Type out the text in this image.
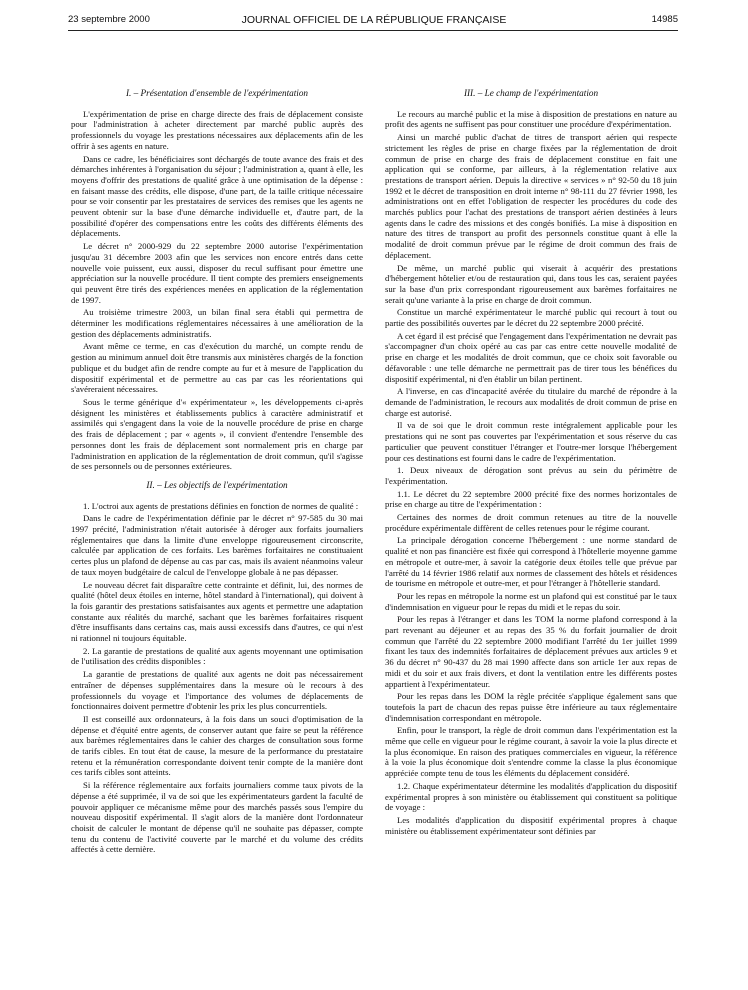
23 septembre 2000	JOURNAL OFFICIEL DE LA RÉPUBLIQUE FRANÇAISE	14985
I. – Présentation d'ensemble de l'expérimentation

L'expérimentation de prise en charge directe des frais de déplacement consiste pour l'administration à acheter directement par marché public auprès des professionnels du voyage les prestations nécessaires aux déplacements afin de les offrir à ses agents en nature.

Dans ce cadre, les bénéficiaires sont déchargés de toute avance des frais et des démarches inhérentes à l'organisation du séjour ; l'administration a, quant à elle, les moyens d'offrir des prestations de qualité grâce à une optimisation de la dépense : en faisant masse des crédits, elle dispose, d'une part, de la taille critique nécessaire pour se voir consentir par les prestataires de services des remises que les agents ne peuvent obtenir sur la base d'une démarche individuelle et, d'autre part, de la possibilité d'opérer des compensations entre les coûts des différents éléments des déplacements.

Le décret n° 2000-929 du 22 septembre 2000 autorise l'expérimentation jusqu'au 31 décembre 2003 afin que les services non encore entrés dans cette nouvelle voie puissent, eux aussi, disposer du recul suffisant pour émettre une appréciation sur la nouvelle procédure. Il tient compte des premiers enseignements qui peuvent être tirés des expériences menées en application de la réglementation de 1997.

Au troisième trimestre 2003, un bilan final sera établi qui permettra de déterminer les modifications réglementaires nécessaires à une amélioration de la gestion des déplacements administratifs.

Avant même ce terme, en cas d'exécution du marché, un compte rendu de gestion au minimum annuel doit être transmis aux ministères chargés de la fonction publique et du budget afin de rendre compte au fur et à mesure de l'application du dispositif expérimental et de permettre au cas par cas les réorientations qui s'avéreraient nécessaires.

Sous le terme générique d'« expérimentateur », les développements ci-après désignent les ministères et établissements publics à caractère administratif et assimilés qui s'engagent dans la voie de la nouvelle procédure de prise en charge des frais de déplacement ; par « agents », il convient d'entendre l'ensemble des personnes dont les frais de déplacement sont normalement pris en charge par l'administration en application de la réglementation de droit commun, qu'il s'agisse de ses personnels ou de personnes extérieures.

II. – Les objectifs de l'expérimentation

1. L'octroi aux agents de prestations définies en fonction de normes de qualité :

Dans le cadre de l'expérimentation définie par le décret n° 97-585 du 30 mai 1997 précité, l'administration n'était autorisée à déroger aux forfaits journaliers réglementaires que dans la limite d'une enveloppe rigoureusement circonscrite, calculée par application de ces forfaits. Les barèmes forfaitaires ne constituaient certes plus un plafond de dépense au cas par cas, mais ils avaient néanmoins valeur de taux moyen budgétaire de calcul de l'enveloppe globale à ne pas dépasser.

Le nouveau décret fait disparaître cette contrainte et définit, lui, des normes de qualité (hôtel deux étoiles en interne, hôtel standard à l'international), qui doivent à la fois garantir des prestations satisfaisantes aux agents et permettre une adaptation constante aux réalités du marché, sachant que les barèmes forfaitaires risquent d'être insuffisants dans certains cas, mais aussi excessifs dans d'autres, ce qui n'est ni rationnel ni toujours équitable.

2. La garantie de prestations de qualité aux agents moyennant une optimisation de l'utilisation des crédits disponibles :

La garantie de prestations de qualité aux agents ne doit pas nécessairement entraîner de dépenses supplémentaires dans la mesure où le recours à des professionnels du voyage et l'importance des volumes de déplacements de fonctionnaires doivent permettre d'obtenir les prix les plus concurrentiels.

Il est conseillé aux ordonnateurs, à la fois dans un souci d'optimisation de la dépense et d'équité entre agents, de conserver autant que faire se peut la référence aux barèmes réglementaires dans le cahier des charges de consultation sous forme de tarifs cibles. En tout état de cause, la mesure de la performance du prestataire retenu et la rémunération correspondante doivent tenir compte de la manière dont ces tarifs cibles sont atteints.

Si la référence réglementaire aux forfaits journaliers comme taux pivots de la dépense a été supprimée, il va de soi que les expérimentateurs gardent la faculté de pouvoir appliquer ce mécanisme même pour des marchés passés sous l'empire du nouveau dispositif expérimental. Il s'agit alors de la manière dont l'ordonnateur choisit de calculer le montant de dépense qu'il ne souhaite pas dépasser, compte tenu du contenu de l'activité couverte par le marché et du volume des crédits affectés à cette dernière.

III. – Le champ de l'expérimentation

Le recours au marché public et la mise à disposition de prestations en nature au profit des agents ne suffisent pas pour constituer une procédure d'expérimentation.

Ainsi un marché public d'achat de titres de transport aérien qui respecte strictement les règles de prise en charge fixées par la réglementation de droit commun de prise en charge des frais de déplacement constitue en fait une application qui se conforme, par ailleurs, à la réglementation relative aux prestations de transport aérien. Depuis la directive « services » n° 92-50 du 18 juin 1992 et le décret de transposition en droit interne n° 98-111 du 27 février 1998, les administrations ont en effet l'obligation de respecter les procédures du code des marchés publics pour l'achat des prestations de transport aérien destinées à leurs agents dans le cadre des missions et des congés bonifiés. La mise à disposition en nature des titres de transport au profit des personnels constitue quant à elle la modalité de droit commun prévue par le régime de droit commun des frais de déplacement.

De même, un marché public qui viserait à acquérir des prestations d'hébergement hôtelier et/ou de restauration qui, dans tous les cas, seraient payées sur la base d'un prix correspondant rigoureusement aux barèmes forfaitaires ne serait qu'une variante à la prise en charge de droit commun.

Constitue un marché expérimentateur le marché public qui recourt à tout ou partie des possibilités ouvertes par le décret du 22 septembre 2000 précité.

A cet égard il est précisé que l'engagement dans l'expérimentation ne devrait pas s'accompagner d'un choix opéré au cas par cas entre cette nouvelle modalité de prise en charge et les modalités de droit commun, que ce choix soit favorable ou défavorable : une telle démarche ne permettrait pas de tirer tous les bénéfices du dispositif expérimental, ni d'en établir un bilan pertinent.

A l'inverse, en cas d'incapacité avérée du titulaire du marché de répondre à la demande de l'administration, le recours aux modalités de droit commun de prise en charge est autorisé.

Il va de soi que le droit commun reste intégralement applicable pour les prestations qui ne sont pas couvertes par l'expérimentation et sous réserve du cas particulier que peuvent constituer l'étranger et l'outre-mer lorsque l'hébergement pour ces destinations est fourni dans le cadre de l'expérimentation.

1. Deux niveaux de dérogation sont prévus au sein du périmètre de l'expérimentation.

1.1. Le décret du 22 septembre 2000 précité fixe des normes horizontales de prise en charge au titre de l'expérimentation :

Certaines des normes de droit commun retenues au titre de la nouvelle procédure expérimentale diffèrent de celles retenues pour le régime courant.

La principale dérogation concerne l'hébergement : une norme standard de qualité et non pas financière est fixée qui correspond à l'hôtellerie moyenne gamme en métropole et outre-mer, à savoir la catégorie deux étoiles telle que prévue par l'arrêté du 14 février 1986 relatif aux normes de classement des hôtels et résidences de tourisme en métropole et outre-mer, et pour l'étranger à l'hôtellerie standard.

Pour les repas en métropole la norme est un plafond qui est constitué par le taux d'indemnisation en vigueur pour le repas du midi et le repas du soir.

Pour les repas à l'étranger et dans les TOM la norme plafond correspond à la part revenant au déjeuner et au repas des 35 % du forfait journalier de droit commun que l'arrêté du 22 septembre 2000 modifiant l'arrêté du 1er juillet 1999 fixant les taux des indemnités forfaitaires de déplacement prévues aux articles 9 et 36 du décret n° 90-437 du 28 mai 1990 affecte dans son article 1er aux repas de midi et du soir et aux frais divers, et dont la ventilation entre les différents postes appartient à l'expérimentateur.

Pour les repas dans les DOM la règle précitée s'applique également sans que toutefois la part de chacun des repas puisse être inférieure au taux réglementaire d'indemnisation correspondant en métropole.

Enfin, pour le transport, la règle de droit commun dans l'expérimentation est la même que celle en vigueur pour le régime courant, à savoir la voie la plus directe et la plus économique. En raison des pratiques commerciales en vigueur, la référence à la voie la plus économique doit s'entendre comme la classe la plus économique appréciée compte tenu de tous les éléments du déplacement considéré.

1.2. Chaque expérimentateur détermine les modalités d'application du dispositif expérimental propres à son ministère ou établissement qui constituent sa politique de voyage :

Les modalités d'application du dispositif expérimental propres à chaque ministère ou établissement expérimentateur sont définies par
